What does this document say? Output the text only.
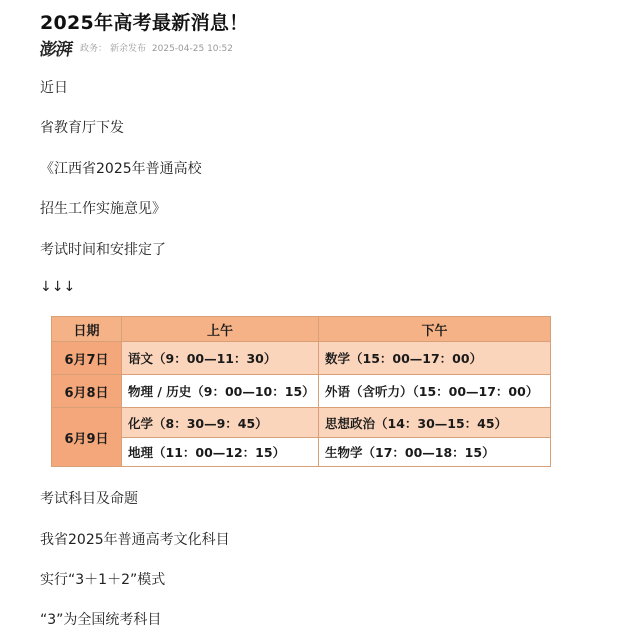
2025年高考最新消息！
澎湃 政务： 新余发布 2025-04-25 10:52
近日
省教育厅下发
《江西省2025年普通高校
招生工作实施意见》
考试时间和安排定了
↓↓↓
日期	上午	下午
6月7日	语文（9：00—11：30）	数学（15：00—17：00）
6月8日	物理 / 历史（9：00—10：15）	外语（含听力）（15：00—17：00）
6月9日	化学（8：30—9：45）	思想政治（14：30—15：45）
	地理（11：00—12：15）	生物学（17：00—18：15）
考试科目及命题
我省2025年普通高考文化科目
实行“3＋1＋2”模式
“3”为全国统考科目
